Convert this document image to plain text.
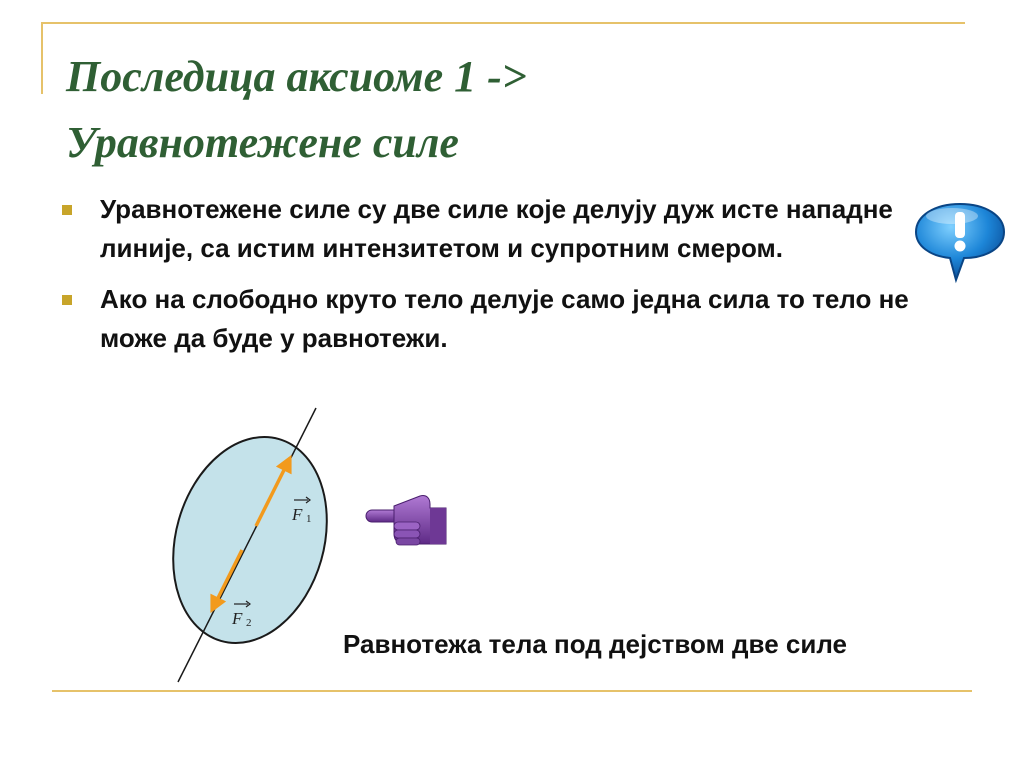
Последица аксиоме 1 ->
Уравнотежене силе
Уравнотежене силе су две силе које делују дуж исте нападне линије, са истим интензитетом и супротним смером.
Ако на слободно круто тело делује само једна сила то тело не може да буде у равнотежи.
F 1
F 2
Равнотежа тела под дејством две силе
